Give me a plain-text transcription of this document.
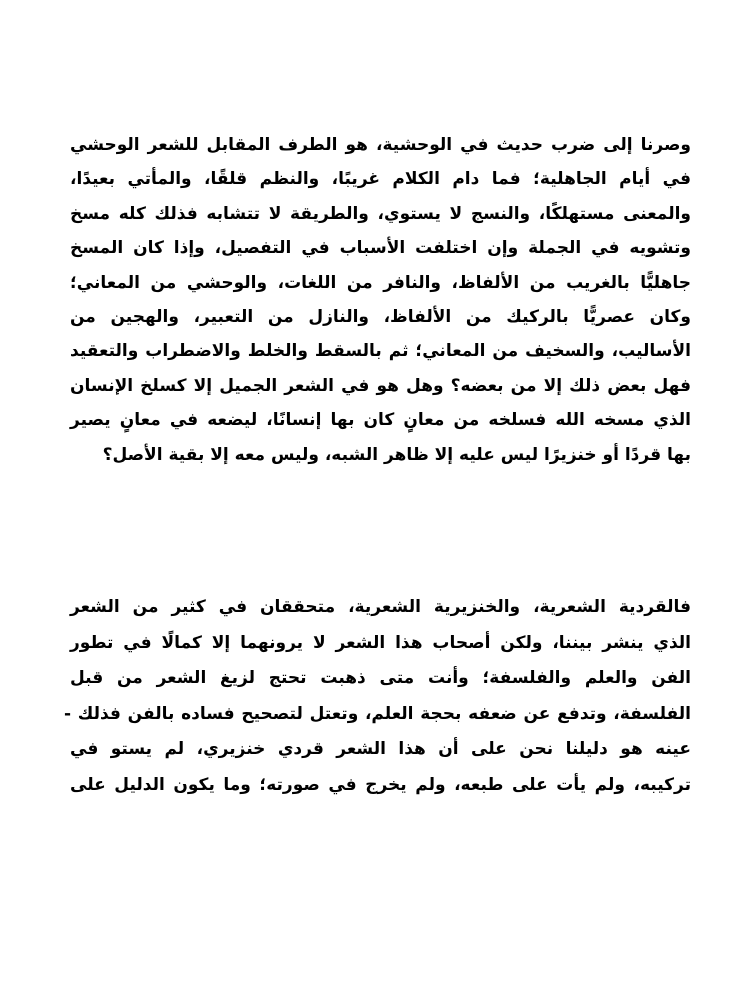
وصرنا إلى ضرب حديث في الوحشية، هو الطرف المقابل للشعر الوحشي
في أيام الجاهلية؛ فما دام الكلام غريبًا، والنظم قلقًا، والمأتي بعيدًا،
والمعنى مستهلكًا، والنسج لا يستوي، والطريقة لا تتشابه فذلك كله مسخ
وتشويه في الجملة وإن اختلفت الأسباب في التفصيل، وإذا كان المسخ
جاهليًّا بالغريب من الألفاظ، والنافر من اللغات، والوحشي من المعاني؛
وكان عصريًّا بالركيك من الألفاظ، والنازل من التعبير، والهجين من
الأساليب، والسخيف من المعاني؛ ثم بالسقط والخلط والاضطراب والتعقيد
فهل بعض ذلك إلا من بعضه؟ وهل هو في الشعر الجميل إلا كسلخ الإنسان
الذي مسخه الله فسلخه من معانٍ كان بها إنسانًا، ليضعه في معانٍ يصير
بها قردًا أو خنزيرًا ليس عليه إلا ظاهر الشبه، وليس معه إلا بقية الأصل؟
فالقردية الشعرية، والخنزيرية الشعرية، متحققان في كثير من الشعر
الذي ينشر بيننا، ولكن أصحاب هذا الشعر لا يرونهما إلا كمالًا في تطور
الفن والعلم والفلسفة؛ وأنت متى ذهبت تحتج لزيغ الشعر من قبل
الفلسفة، وتدفع عن ضعفه بحجة العلم، وتعتل لتصحيح فساده بالفن فذلك -
عينه هو دليلنا نحن على أن هذا الشعر قردي خنزيري، لم يستو في
تركيبه، ولم يأت على طبعه، ولم يخرج في صورته؛ وما يكون الدليل على
